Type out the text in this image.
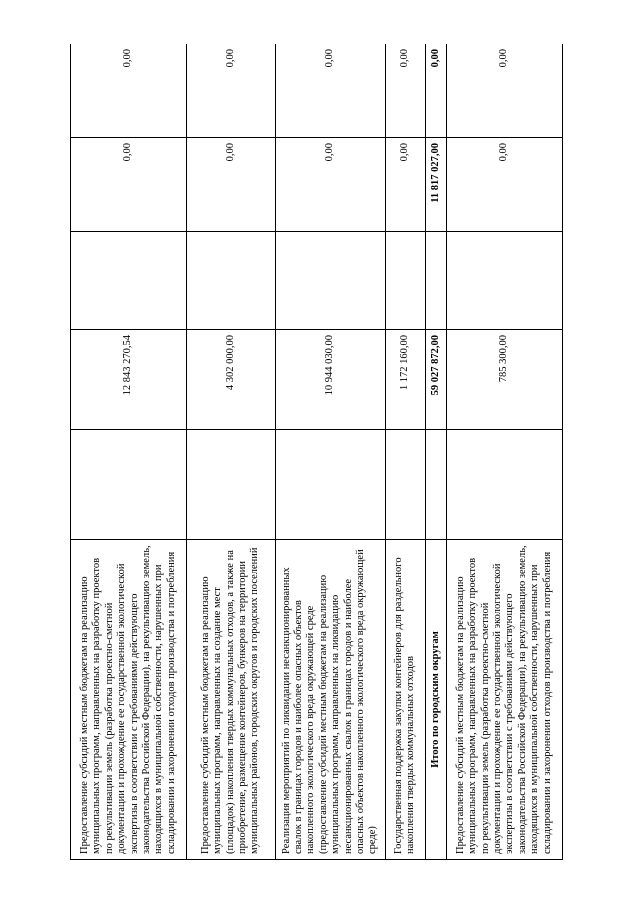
Предоставление субсидий местным бюджетам на реализацию муниципальных программ, направленных на разработку проектов по рекультивации земель (разработка проектно-сметной документации и прохождение ее государственной экологической экспертизы в соответствии с требованиями действующего законодательства Российской Федерации), на рекультивацию земель, находящихся в муниципальной собственности, нарушенных при складировании и захоронении отходов производства и потребления		12 843 270,54		0,00	0,00
Предоставление субсидий местным бюджетам на реализацию муниципальных программ, направленных на создание мест (площадок) накопления твердых коммунальных отходов, а также на приобретение, размещение контейнеров, бункеров на территории муниципальных районов, городских округов и городских поселений		4 302 000,00		0,00	0,00
Реализация мероприятий по ликвидации несанкционированных свалок в границах городов и наиболее опасных объектов накопленного экологического вреда окружающей среде (предоставление субсидий местным бюджетам на реализацию муниципальных программ, направленных на ликвидацию несанкционированных свалок в границах городов и наиболее опасных объектов накопленного экологического вреда окружающей среде)		10 944 030,00		0,00	0,00
Государственная поддержка закупки контейнеров для раздельного накопления твердых коммунальных отходов		1 172 160,00		0,00	0,00
Итого по городским округам		59 027 872,00		11 817 027,00	0,00
Предоставление субсидий местным бюджетам на реализацию муниципальных программ, направленных на разработку проектов по рекультивации земель (разработка проектно-сметной документации и прохождение ее государственной экологической экспертизы в соответствии с требованиями действующего законодательства Российской Федерации), на рекультивацию земель, находящихся в муниципальной собственности, нарушенных при складировании и захоронении отходов производства и потребления		785 300,00		0,00	0,00
